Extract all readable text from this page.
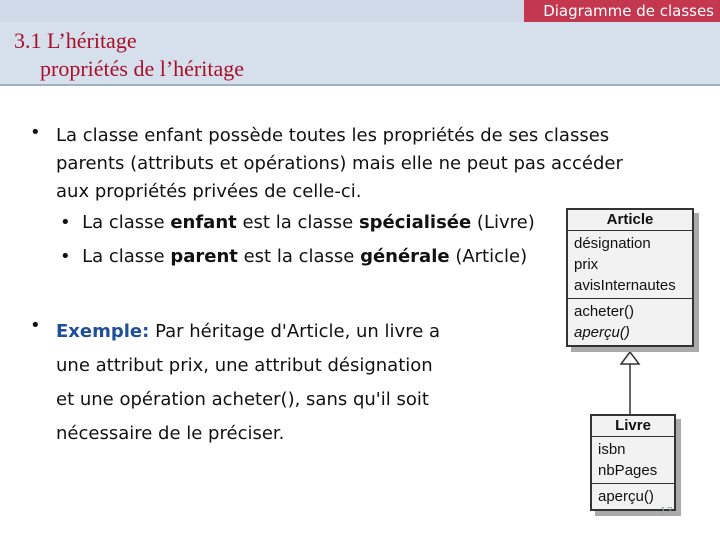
Diagramme de classes
3.1 L’héritage
propriétés de l’héritage
• La classe enfant possède toutes les propriétés de ses classes
parents (attributs et opérations) mais elle ne peut pas accéder
aux propriétés privées de celle-ci.
•  La classe enfant est la classe spécialisée (Livre)
•  La classe parent est la classe générale (Article)
• Exemple: Par héritage d'Article, un livre a
une attribut prix, une attribut désignation
et une opération acheter(), sans qu'il soit
nécessaire de le préciser.
Article
désignation
prix
avisInternautes
acheter()
aperçu()
Livre
isbn
nbPages
aperçu()
17
